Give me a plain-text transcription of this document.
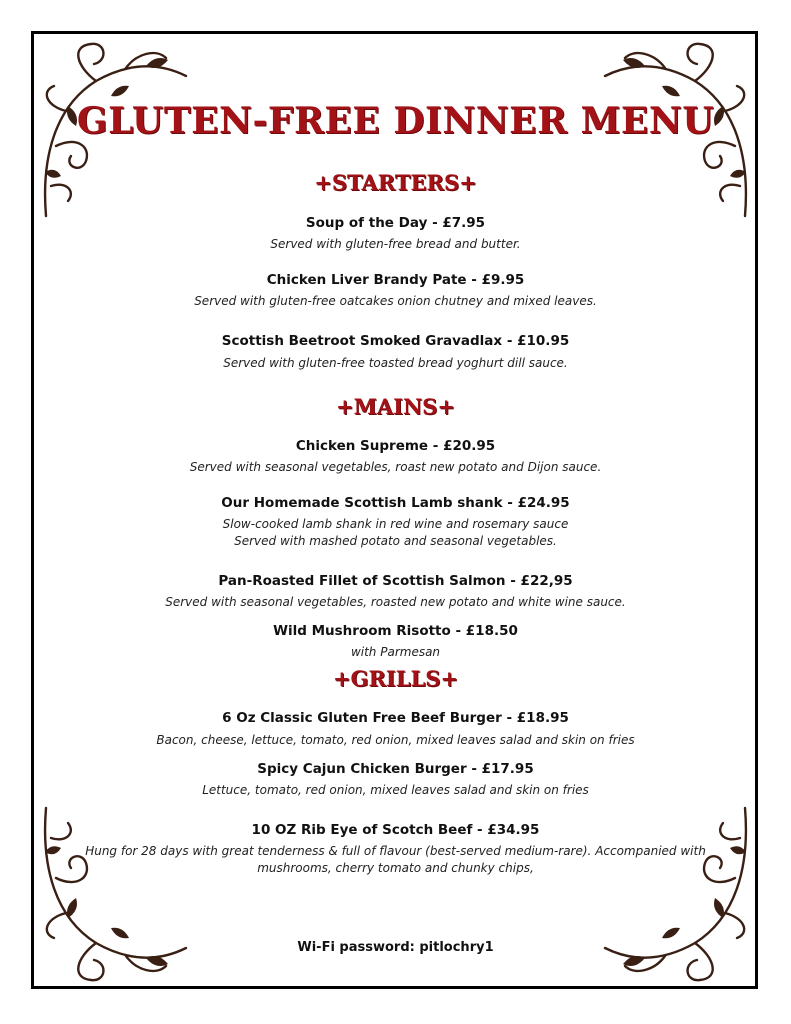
GLUTEN-FREE DINNER MENU
+STARTERS+
Soup of the Day - £7.95
Served with gluten-free bread and butter.
Chicken Liver Brandy Pate - £9.95
Served with gluten-free oatcakes onion chutney and mixed leaves.
Scottish Beetroot Smoked Gravadlax - £10.95
Served with gluten-free toasted bread yoghurt dill sauce.
+MAINS+
Chicken Supreme - £20.95
Served with seasonal vegetables, roast new potato and Dijon sauce.
Our Homemade Scottish Lamb shank - £24.95
Slow-cooked lamb shank in red wine and rosemary sauce
Served with mashed potato and seasonal vegetables.
Pan-Roasted Fillet of Scottish Salmon - £22,95
Served with seasonal vegetables, roasted new potato and white wine sauce.
Wild Mushroom Risotto - £18.50
with Parmesan
+GRILLS+
6 Oz Classic Gluten Free Beef Burger - £18.95
Bacon, cheese, lettuce, tomato, red onion, mixed leaves salad and skin on fries
Spicy Cajun Chicken Burger - £17.95
Lettuce, tomato, red onion, mixed leaves salad and skin on fries
10 OZ Rib Eye of Scotch Beef - £34.95
Hung for 28 days with great tenderness & full of flavour (best-served medium-rare). Accompanied with
mushrooms, cherry tomato and chunky chips,
Wi-Fi password: pitlochry1
